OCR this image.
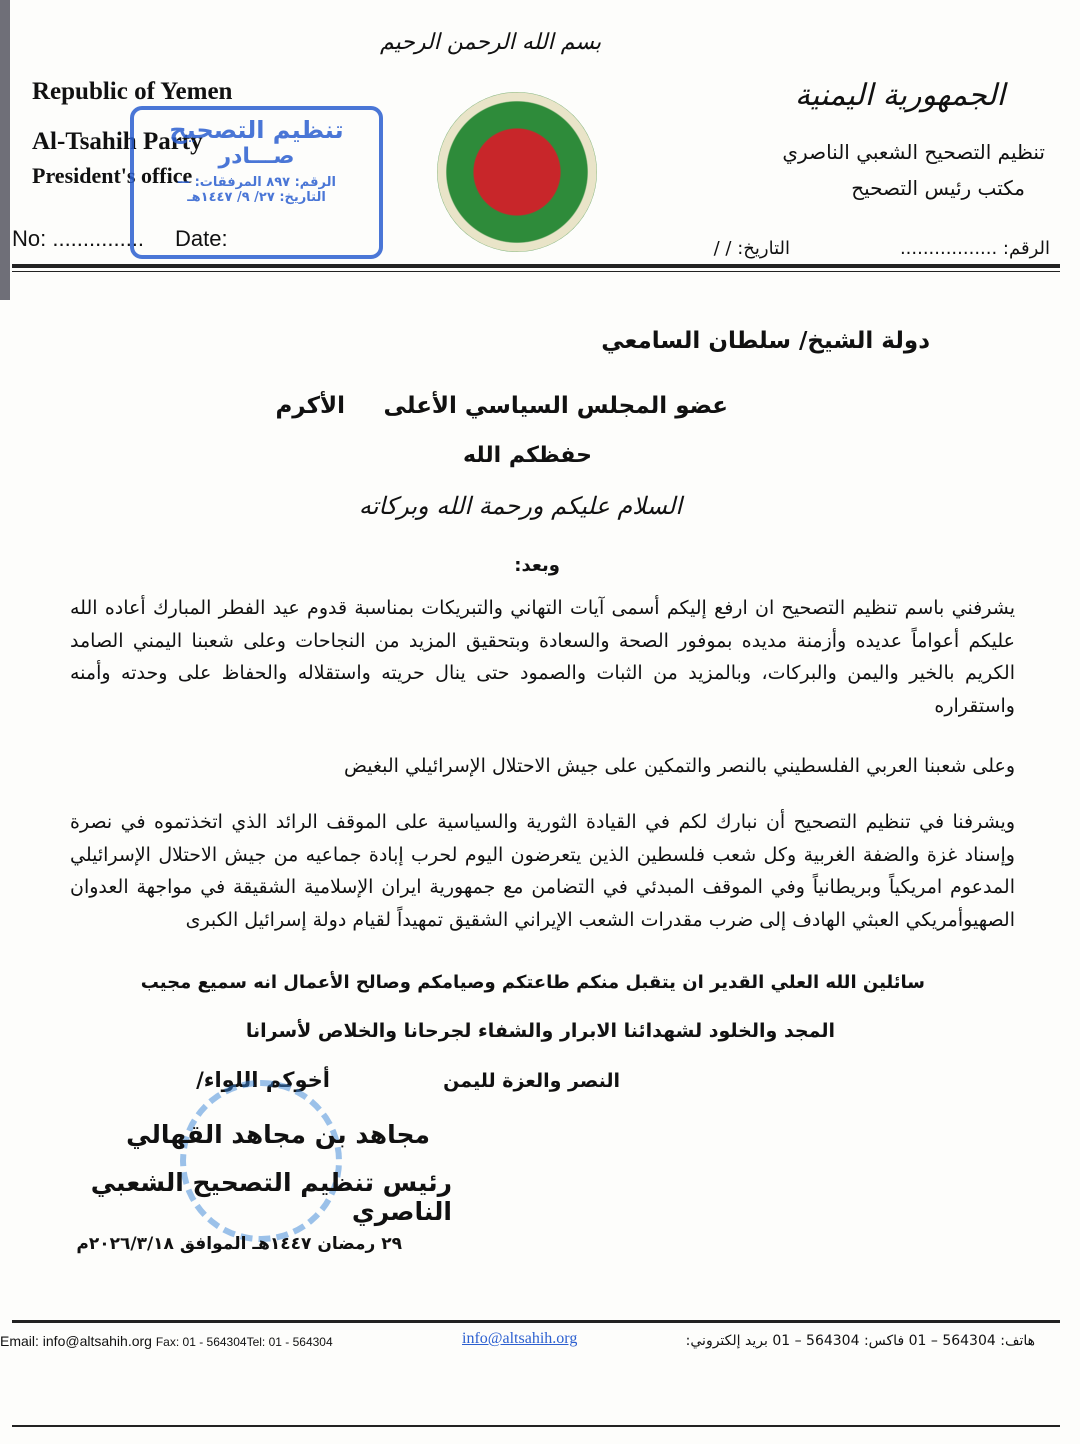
بسم الله الرحمن الرحيم
Republic of Yemen
Al-Tsahih Party
President's office
No: ............... Date:
تنظيم التصحيح
صـــادر
الرقم: ٨٩٧ المرفقات: —
التاريخ: ٢٧/ ٩/ ١٤٤٧هـ
الجمهورية اليمنية
تنظيم التصحيح الشعبي الناصري
مكتب رئيس التصحيح
الرقم: .................
التاريخ: / /
دولة الشيخ/ سلطان السامعي
عضو المجلس السياسي الأعلى
الأكرم
حفظكم الله
السلام عليكم ورحمة الله وبركاته
وبعد:
يشرفني باسم تنظيم التصحيح ان ارفع إليكم أسمى آيات التهاني والتبريكات بمناسبة قدوم عيد الفطر المبارك أعاده الله عليكم أعواماً عديده وأزمنة مديده بموفور الصحة والسعادة وبتحقيق المزيد من النجاحات وعلى شعبنا اليمني الصامد الكريم بالخير واليمن والبركات، وبالمزيد من الثبات والصمود حتى ينال حريته واستقلاله والحفاظ على وحدته وأمنه واستقراره
وعلى شعبنا العربي الفلسطيني بالنصر والتمكين على جيش الاحتلال الإسرائيلي البغيض
ويشرفنا في تنظيم التصحيح أن نبارك لكم في القيادة الثورية والسياسية على الموقف الرائد الذي اتخذتموه في نصرة وإسناد غزة والضفة الغربية وكل شعب فلسطين الذين يتعرضون اليوم لحرب إبادة جماعيه من جيش الاحتلال الإسرائيلي المدعوم امريكياً وبريطانياً وفي الموقف المبدئي في التضامن مع جمهورية ايران الإسلامية الشقيقة في مواجهة العدوان الصهيوأمريكي العبثي الهادف إلى ضرب مقدرات الشعب الإيراني الشقيق تمهيداً لقيام دولة إسرائيل الكبرى
سائلين الله العلي القدير ان يتقبل منكم طاعتكم وصيامكم وصالح الأعمال انه سميع مجيب
المجد والخلود لشهدائنا الابرار والشفاء لجرحانا والخلاص لأسرانا
النصر والعزة لليمن
أخوكم اللواء/
مجاهد بن مجاهد القهالي
رئيس تنظيم التصحيح الشعبي الناصري
٢٩ رمضان ١٤٤٧هـ الموافق ٢٠٢٦/٣/١٨م
Email: info@altsahih.org Fax: 01 - 564304Tel: 01 - 564304	info@altsahih.org	هاتف: 564304 – 01 فاكس: 564304 – 01 بريد إلكتروني:
